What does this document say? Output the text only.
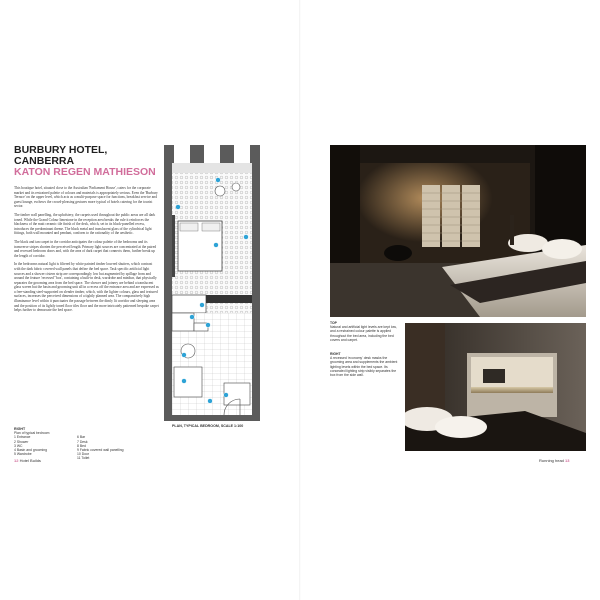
BURBURY HOTEL, CANBERRA
KATON REGEN MATHIESON

This boutique hotel, situated close to the Australian 'Parliament House', caters for the corporate market and its restrained palette of colours and materials is appropriately serious. Even the 'Burbury Terrace' on the upper level, which acts as a multi-purpose space for functions, breakfast service and guest lounge, eschews the crowd-pleasing gestures more typical of hotels catering for the tourist sector.

The timber wall panelling, the upholstery, the carpets used throughout the public areas are all dark toned. While the Grand Colour limestone in the reception area breaks the rule it reinforces the blackness of the matt ceramic tile finish of the desk, which, set in its black-panelled recess, introduces the predominant theme. The black metal and translucent glass of the cylindrical light fittings, both wall mounted and pendant, conform to the rationality of the aesthetic.

The black and tan carpet in the corridor anticipates the colour palette of the bedrooms and its transverse stripes shorten the perceived length. Primary light sources are concentrated at the paired and recessed bedroom doors and, with the area of dark carpet that connects them, further break up the length of corridor.

In the bedrooms natural light is filtered by white painted timber louvred shutters, which contrast with the dark fabric covered wall panels that define the bed space. Task specific artificial light sources and a shower cistern strip are correspondingly low but augmented by spillage from and around the feature 'recessed' 'box', containing a built-in desk, wardrobe and minibar, that physically separates the grooming area from the bed space. The shower and joinery are behind a translucent glass screen but the basin and grooming unit all in a recess off the entrance area and are expressed as a free-standing steel-supported on slender timber, which, with the lighter colours, glass and textured surfaces, increases the perceived dimensions of a tightly planned area. The comparatively high illuminance level within it punctuates the passage between the dimly lit corridor and sleeping area and the position of its lightly toned floor tiles floor and the more intricately patterned bespoke carpet helps further to demarcate the bed space.

RIGHT
Plan of typical bedroom
1 Entrance
2 Shower
3 WC
4 Basin and grooming
5 Wardrobe
6 Bar
7 Desk
8 Bed
9 Fabric covered wall panelling
10 Door
11 Toilet
12 Hotel Builds
PLAN, TYPICAL BEDROOM, SCALE 1:100
TOP
Natural and artificial light levels are kept low, and a restrained colour palette is applied throughout the bed area, including the bed covers and carpet.
RIGHT
A recessed 'economy' desk masks the grooming area and supplements the ambient lighting levels within the bed space. Its concealed lighting strip visibly separates the box from the side wall.
Running head 13
